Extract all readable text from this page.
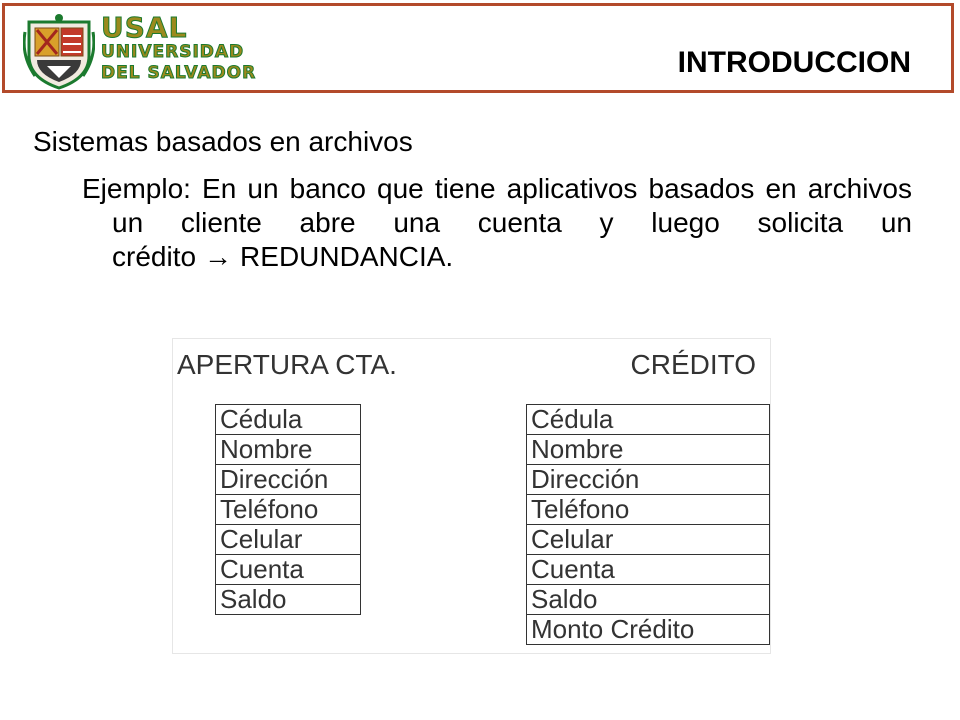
USAL
UNIVERSIDAD
DEL SALVADOR	INTRODUCCION
Sistemas basados en archivos
Ejemplo: En un banco que tiene aplicativos basados en archivos un cliente abre una cuenta y luego solicita un crédito → REDUNDANCIA.
APERTURA CTA.	CRÉDITO
Cédula
Nombre
Dirección
Teléfono
Celular
Cuenta
Saldo
Cédula
Nombre
Dirección
Teléfono
Celular
Cuenta
Saldo
Monto Crédito
